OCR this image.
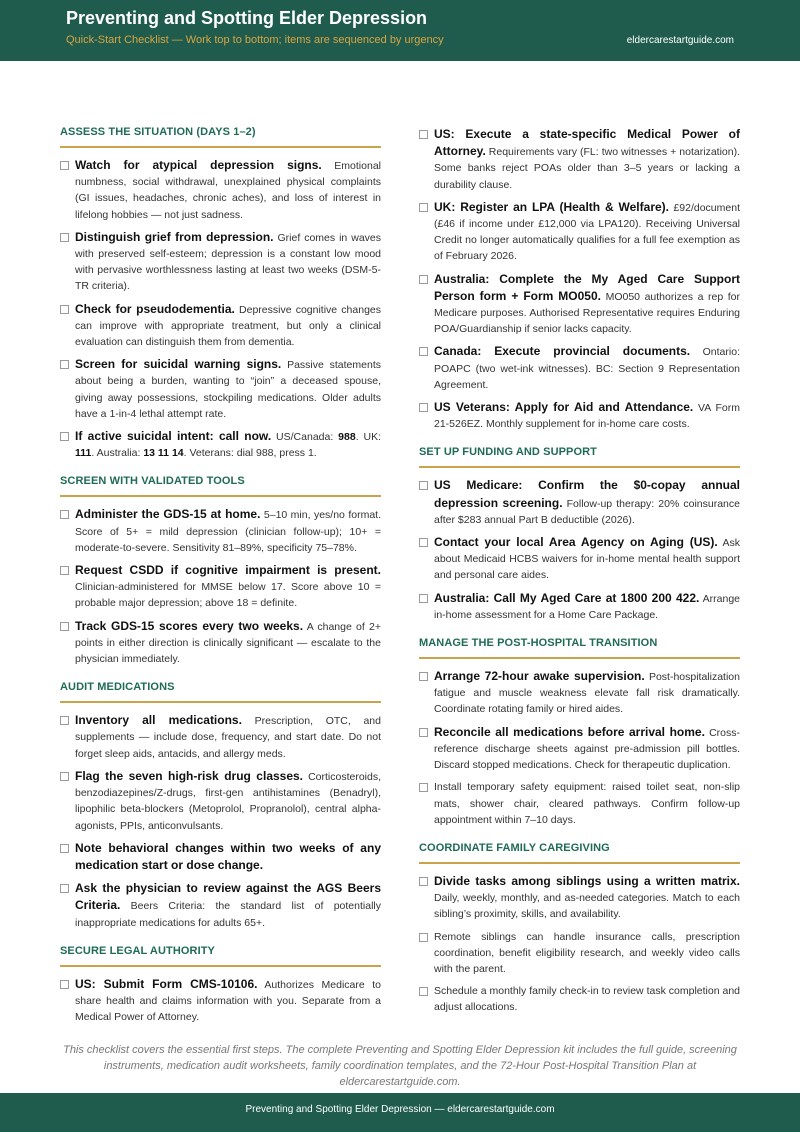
Preventing and Spotting Elder Depression
Quick-Start Checklist — Work top to bottom; items are sequenced by urgency	eldercarestartguide.com
ASSESS THE SITUATION (DAYS 1–2)
Watch for atypical depression signs. Emotional numbness, social withdrawal, unexplained physical complaints (GI issues, headaches, chronic aches), and loss of interest in lifelong hobbies — not just sadness.
Distinguish grief from depression. Grief comes in waves with preserved self-esteem; depression is a constant low mood with pervasive worthlessness lasting at least two weeks (DSM-5-TR criteria).
Check for pseudodementia. Depressive cognitive changes can improve with appropriate treatment, but only a clinical evaluation can distinguish them from dementia.
Screen for suicidal warning signs. Passive statements about being a burden, wanting to “join” a deceased spouse, giving away possessions, stockpiling medications. Older adults have a 1-in-4 lethal attempt rate.
If active suicidal intent: call now. US/Canada: 988. UK: 111. Australia: 13 11 14. Veterans: dial 988, press 1.
SCREEN WITH VALIDATED TOOLS
Administer the GDS-15 at home. 5–10 min, yes/no format. Score of 5+ = mild depression (clinician follow-up); 10+ = moderate-to-severe. Sensitivity 81–89%, specificity 75–78%.
Request CSDD if cognitive impairment is present. Clinician-administered for MMSE below 17. Score above 10 = probable major depression; above 18 = definite.
Track GDS-15 scores every two weeks. A change of 2+ points in either direction is clinically significant — escalate to the physician immediately.
AUDIT MEDICATIONS
Inventory all medications. Prescription, OTC, and supplements — include dose, frequency, and start date. Do not forget sleep aids, antacids, and allergy meds.
Flag the seven high-risk drug classes. Corticosteroids, benzodiazepines/Z-drugs, first-gen antihistamines (Benadryl), lipophilic beta-blockers (Metoprolol, Propranolol), central alpha-agonists, PPIs, anticonvulsants.
Note behavioral changes within two weeks of any medication start or dose change.
Ask the physician to review against the AGS Beers Criteria. Beers Criteria: the standard list of potentially inappropriate medications for adults 65+.
SECURE LEGAL AUTHORITY
US: Submit Form CMS-10106. Authorizes Medicare to share health and claims information with you. Separate from a Medical Power of Attorney.
US: Execute a state-specific Medical Power of Attorney. Requirements vary (FL: two witnesses + notarization). Some banks reject POAs older than 3–5 years or lacking a durability clause.
UK: Register an LPA (Health & Welfare). £92/document (£46 if income under £12,000 via LPA120). Receiving Universal Credit no longer automatically qualifies for a full fee exemption as of February 2026.
Australia: Complete the My Aged Care Support Person form + Form MO050. MO050 authorizes a rep for Medicare purposes. Authorised Representative requires Enduring POA/Guardianship if senior lacks capacity.
Canada: Execute provincial documents. Ontario: POAPC (two wet-ink witnesses). BC: Section 9 Representation Agreement.
US Veterans: Apply for Aid and Attendance. VA Form 21-526EZ. Monthly supplement for in-home care costs.
SET UP FUNDING AND SUPPORT
US Medicare: Confirm the $0-copay annual depression screening. Follow-up therapy: 20% coinsurance after $283 annual Part B deductible (2026).
Contact your local Area Agency on Aging (US). Ask about Medicaid HCBS waivers for in-home mental health support and personal care aides.
Australia: Call My Aged Care at 1800 200 422. Arrange in-home assessment for a Home Care Package.
MANAGE THE POST-HOSPITAL TRANSITION
Arrange 72-hour awake supervision. Post-hospitalization fatigue and muscle weakness elevate fall risk dramatically. Coordinate rotating family or hired aides.
Reconcile all medications before arrival home. Cross-reference discharge sheets against pre-admission pill bottles. Discard stopped medications. Check for therapeutic duplication.
Install temporary safety equipment: raised toilet seat, non-slip mats, shower chair, cleared pathways. Confirm follow-up appointment within 7–10 days.
COORDINATE FAMILY CAREGIVING
Divide tasks among siblings using a written matrix. Daily, weekly, monthly, and as-needed categories. Match to each sibling’s proximity, skills, and availability.
Remote siblings can handle insurance calls, prescription coordination, benefit eligibility research, and weekly video calls with the parent.
Schedule a monthly family check-in to review task completion and adjust allocations.
This checklist covers the essential first steps. The complete Preventing and Spotting Elder Depression kit includes the full guide, screening instruments, medication audit worksheets, family coordination templates, and the 72-Hour Post-Hospital Transition Plan at eldercarestartguide.com.
Preventing and Spotting Elder Depression — eldercarestartguide.com
